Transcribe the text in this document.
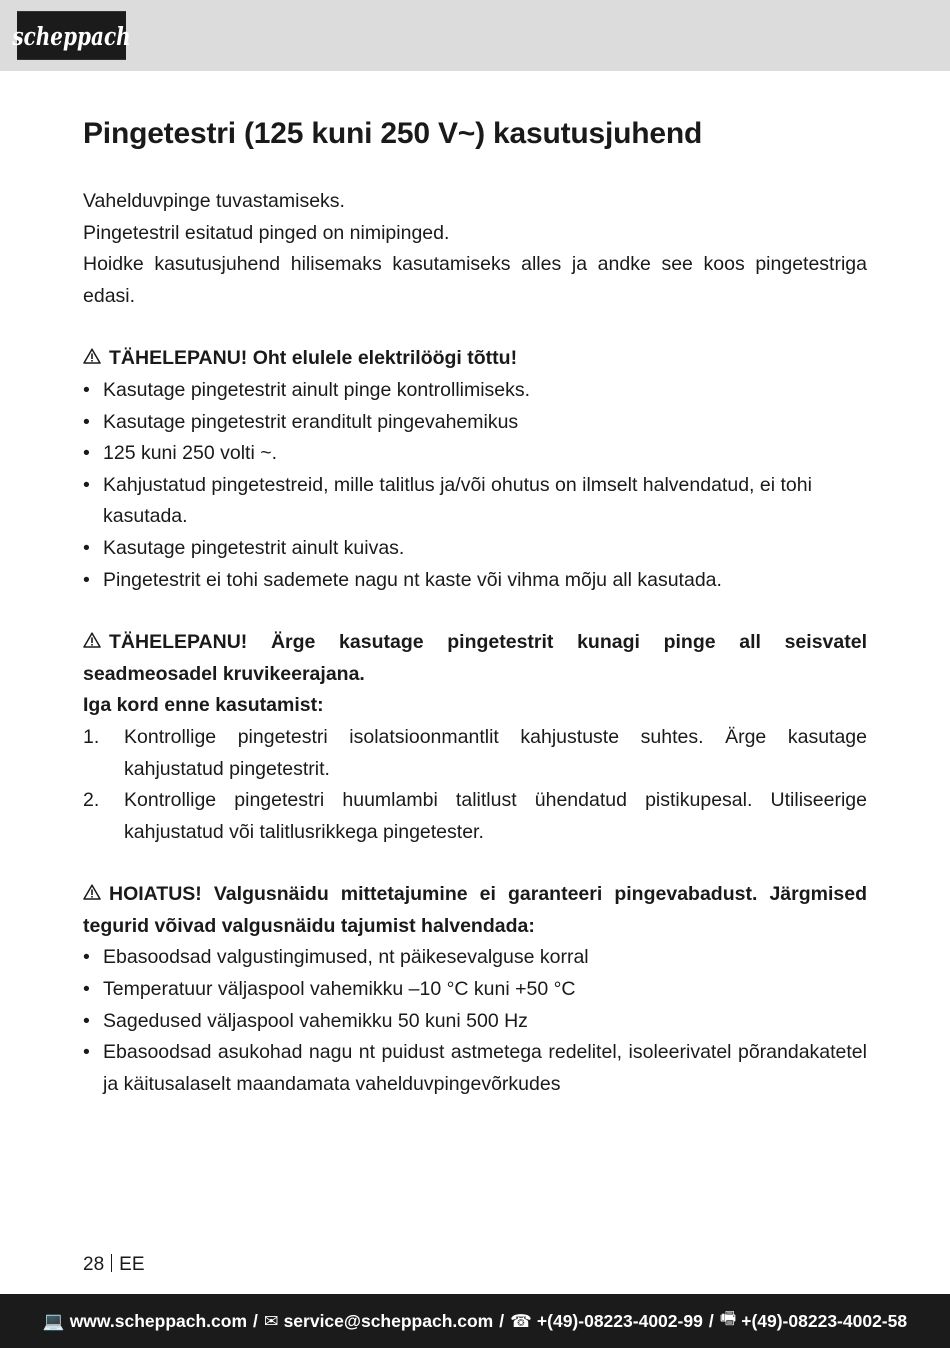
scheppach
Pingetestri (125 kuni 250 V~) kasutusjuhend

Vahelduvpinge tuvastamiseks.

Pingetestril esitatud pinged on nimipinged.

Hoidke kasutusjuhend hilisemaks kasutamiseks alles ja andke see koos pingetestriga edasi.

TÄHELEPANU! Oht elulele elektrilöögi tõttu!

• Kasutage pingetestrit ainult pinge kontrollimiseks.
• Kasutage pingetestrit eranditult pingevahemikus
• 125 kuni 250 volti ~.
• Kahjustatud pingetestreid, mille talitlus ja/või ohutus on ilmselt halvendatud, ei tohi kasutada.
• Kasutage pingetestrit ainult kuivas.
• Pingetestrit ei tohi sademete nagu nt kaste või vihma mõju all kasutada.

TÄHELEPANU! Ärge kasutage pingetestrit kunagi pinge all seisvatel seadmeosadel kruvikeerajana.

Iga kord enne kasutamist:

1. Kontrollige pingetestri isolatsioonmantlit kahjustuste suhtes. Ärge kasutage kahjustatud pingetestrit.
2. Kontrollige pingetestri huumlambi talitlust ühendatud pistikupesal. Utiliseerige kahjustatud või talitlusrikkega pingetester.

HOIATUS! Valgusnäidu mittetajumine ei garanteeri pingevabadust. Järgmised tegurid võivad valgusnäidu tajumist halvendada:

• Ebasoodsad valgustingimused, nt päikesevalguse korral
• Temperatuur väljaspool vahemikku –10 °C kuni +50 °C
• Sagedused väljaspool vahemikku 50 kuni 500 Hz
• Ebasoodsad asukohad nagu nt puidust astmetega redelitel, isoleerivatel põrandakatetel ja käitusalaselt maandamata vahelduvpingevõrkudes
28 EE
💻 www.scheppach.com / ✉ service@scheppach.com / ☎ +(49)-08223-4002-99 / 🖷 +(49)-08223-4002-58
